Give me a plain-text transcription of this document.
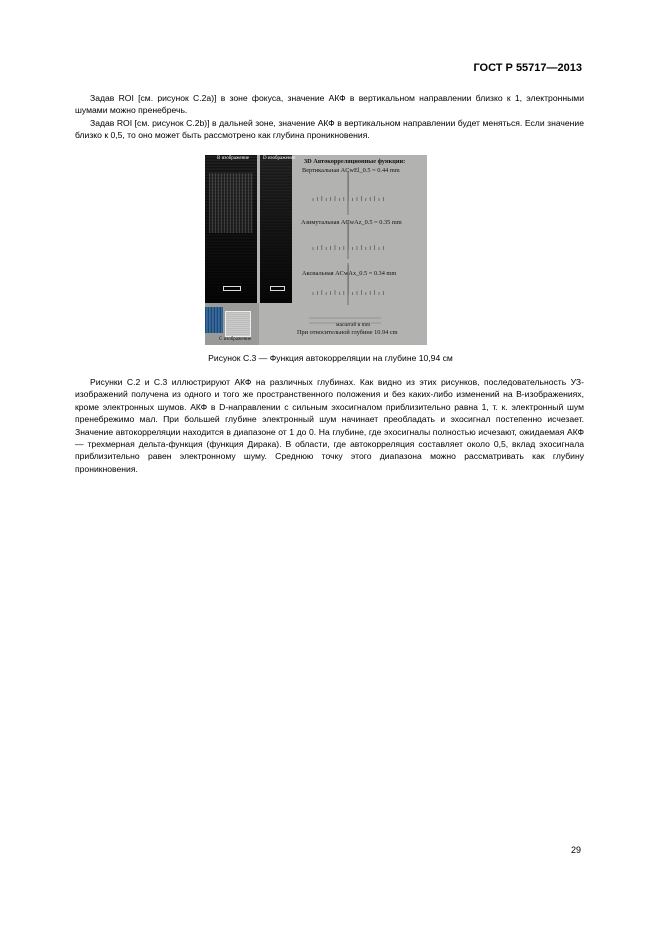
ГОСТ Р 55717—2013

Задав ROI [см. рисунок С.2а)] в зоне фокуса, значение АКФ в вертикальном направлении близко к 1, электронными шумами можно пренебречь.

Задав ROI [см. рисунок С.2b)] в дальней зоне, значение АКФ в вертикальном направлении будет меняться. Если значение близко к 0,5, то оно может быть рассмотрено как глубина проникновения.

B изображение	D изображение
C изображение
3D Автокорреляционные функции:
Вертикальная ACwEl_0.5 = 0.44 mm
Азимутальная ACwAz_0.5 = 0.35 mm
Аксиальная ACwAx_0.5 = 0.34 mm
масштаб в mm
При относительной глубине 10.94 cm
Рисунок С.3 — Функция автокорреляции на глубине 10,94 см

Рисунки С.2 и С.3 иллюстрируют АКФ на различных глубинах. Как видно из этих рисунков, последовательность УЗ-изображений получена из одного и того же пространственного положения и без каких-либо изменений на B-изображениях, кроме электронных шумов. АКФ в D-направлении с сильным эхосигналом приблизительно равна 1, т. к. электронный шум пренебрежимо мал. При большей глубине электронный шум начинает преобладать и эхосигнал постепенно исчезает. Значение автокорреляции находится в диапазоне от 1 до 0. На глубине, где эхосигналы полностью исчезают, ожидаемая АКФ — трехмерная дельта-функция (функция Дирака). В области, где автокорреляция составляет около 0,5, вклад эхосигнала приблизительно равен электронному шуму. Среднюю точку этого диапазона можно рассматривать как глубину проникновения.

29
